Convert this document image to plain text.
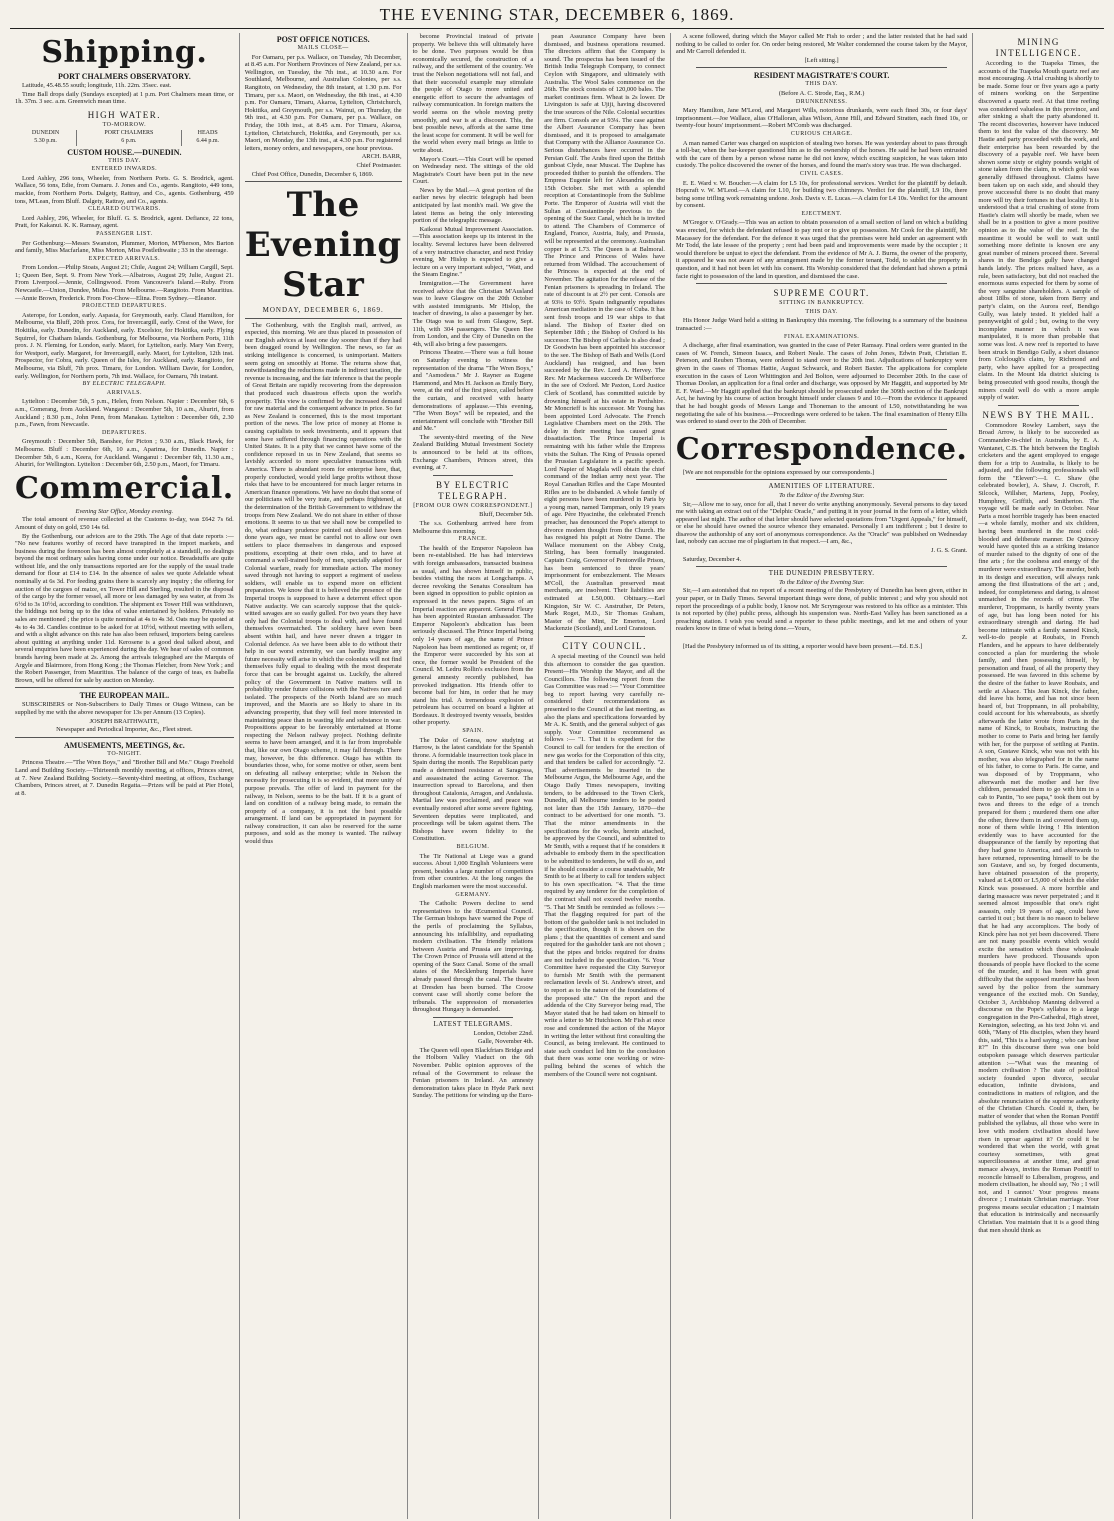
THE EVENING STAR, DECEMBER 6, 1869.
Shipping.
PORT CHALMERS OBSERVATORY.

Latitude, 45.48.55 south; longitude, 11h. 22m. 35sec. east.

Time Ball drops daily (Sundays excepted) at 1 p.m. Port Chalmers mean time, or 1h. 37m. 3 sec. a.m. Greenwich mean time.

HIGH WATER.
TO-MORROW.
DUNEDIN	PORT CHALMERS	HEADS
5.30 p.m.	6 p.m.	6.44 p.m.
CUSTOM HOUSE.—DUNEDIN.
THIS DAY.
ENTERED INWARDS.

Lord Ashley, 296 tons, Wheeler, from Northern Ports. G. S. Brodrick, agent. Wallace, 56 tons, Edie, from Oamaru. J. Jones and Co., agents. Rangitoto, 449 tons, mackie, from Northern Ports. Dalgety, Rattray, and Co., agents. Gothenburg, 459 tons, M'Lean, from Bluff. Dalgety, Rattray, and Co., agents.

CLEARED OUTWARDS.

Lord Ashley, 296, Wheeler, for Bluff. G. S. Brodrick, agent. Defiance, 22 tons, Pratt, for Kakanui. K. K. Ramsay, agent.

PASSENGER LIST.

Per Gothenburg:—Messrs Swanston, Plummer, Morton, M'Pherson, Mrs Barton and family, Miss Macfarlane, Miss Morton, Miss Postlethwaite ; 33 in the steerage.

EXPECTED ARRIVALS.

From London.—Philip Stoats, August 21; Chile, August 24; William Cargill, Sept. 1; Queen Bee, Sept. 9. From New York.—Albatross, August 29; Julie, August 21. From Liverpool.—Jennie, Collingwood. From Vancouver's Island.—Ruby. From Newcastle.—Union, Dundee, Midas. From Melbourne.—Rangitoto. From Mauritius.—Annie Brown, Frederick. From Foo-Chow—Elina. From Sydney.—Eleanor.

PROJECTED DEPARTURES.

Asterope, for London, early. Aspasia, for Greymouth, early. Claud Hamilton, for Melbourne, via Bluff, 20th prox. Cora, for Invercargill, early. Crest of the Wave, for Hokitika, early. Dunedin, for Auckland, early. Excelsior, for Hokitika, early. Flying Squirrel, for Chatham Islands. Gothenburg, for Melbourne, via Northern Ports, 11th prox. J. N. Fleming, for London, early. Maori, for Lyttelton, early. Mary Van Every, for Westport, early. Margaret, for Invercargill, early. Maori, for Lyttelton, 12th inst. Prospector, for Cobra, early. Queen of the Isles, for Auckland, early. Rangitoto, for Melbourne, via Bluff, 7th prox. Timaru, for London. William Davie, for London, early. Wellington, for Northern ports, 7th inst. Wallace, for Oamaru, 7th instant.

BY ELECTRIC TELEGRAPH.
ARRIVALS.

Lyttelton : December 5th, 5 p.m., Helen, from Nelson. Napier : December 6th, 6 a.m., Comerang, from Auckland. Wanganui : December 5th, 10 a.m., Ahuriri, from Auckland ; 8.30 p.m., John Penn, from Manakau. Lyttelton : December 6th, 2.30 p.m., Fawn, from Newcastle.

DEPARTURES.

Greymouth : December 5th, Banshee, for Picton ; 9.30 a.m., Black Hawk, for Melbourne. Bluff : December 6th, 10 a.m., Aparima, for Dunedin. Napier : December 5th, 6 a.m., Keera, for Auckland. Wanganui : December 6th, 11.30 a.m., Ahuriri, for Wellington. Lyttelton : December 6th, 2.50 p.m., Maori, for Timaru.

Commercial.

Evening Star Office, Monday evening.

The total amount of revenue collected at the Customs to-day, was £642 7s 6d. Amount of duty on gold, £50 14s 6d.

By the Gothenburg, our advices are to the 29th. The Age of that date reports :— "No new features worthy of record have transpired in the import markets, and business during the forenoon has been almost completely at a standstill, no dealings beyond the most ordinary sales having come under our notice. Breadstuffs are quite without life, and the only transactions reported are for the supply of the usual trade demand for flour at £14 to £14. In the absence of sales we quote Adelaide wheat nominally at 6s 3d. For feeding grains there is scarcely any inquiry ; the offering for auction of the cargoes of maize, ex Tower Hill and Sterling, resulted in the disposal of the cargo by the former vessel, all more or less damaged by sea water, at from 3s 6½d to 3s 10½d, according to condition. The shipment ex Tower Hill was withdrawn, the biddings not being up to the idea of value entertained by holders. Privately no sales are mentioned ; the price is quite nominal at 4s to 4s 3d. Oats may be quoted at 4s to 4s 3d. Candles continue to be asked for at 10½d, without meeting with sellers, and with a slight advance on this rate has also been refused, importers being careless about quitting at anything under 11d. Kerosene is a good deal talked about, and several enquiries have been experienced during the day. We hear of sales of common brands having been made at 2s. Among the arrivals telegraphed are the Marquis of Argyle and Blairmore, from Hong Kong ; the Thomas Fletcher, from New York ; and the Robert Passenger, from Mauritius. The balance of the cargo of teas, ex Isabella Brown, will be offered for sale by auction on Monday.

THE EUROPEAN MAIL.

SUBSCRIBERS or Non-Subscribers to Daily Times or Otago Witness, can be supplied by me with the above newspaper for 13s per Annum (13 Copies).

JOSEPH BRAITHWAITE,

Newspaper and Periodical Importer, &c., Fleet street.

AMUSEMENTS, MEETINGS, &c.
TO-NIGHT.

Princess Theatre.—"The Wren Boys," and "Brother Bill and Me." Otago Freehold Land and Building Society.—Thirteenth monthly meeting, at offices, Princes street, at 7. New Zealand Building Society.—Seventy-third meeting, at offices, Exchange Chambers, Princes street, at 7. Dunedin Regatta.—Prizes will be paid at Pier Hotel, at 8.

POST OFFICE NOTICES.
MAILS CLOSE—

For Oamaru, per p.s. Wallace, on Tuesday, 7th December, at 8.45 a.m. For Northern Provinces of New Zealand, per s.s. Wellington, on Tuesday, the 7th inst., at 10.30 a.m. For Southland, Melbourne, and Australian Colonies, per s.s. Rangitoto, on Wednesday, the 8th instant, at 1.30 p.m. For Timaru, per s.s. Maori, on Wednesday, the 8th inst., at 4.30 p.m. For Oamaru, Timaru, Akaroa, Lyttelton, Christchurch, Hokitika, and Greymouth, per s.s. Wainui, on Thursday, the 9th inst., at 4.30 p.m. For Oamaru, per p.s. Wallace, on Friday, the 10th inst., at 8.45 a.m. For Timaru, Akaroa, Lyttelton, Christchurch, Hokitika, and Greymouth, per s.s. Maori, on Monday, the 13th inst., at 4.30 p.m. For registered letters, money orders, and newspapers, one hour previous.

ARCH. BARR,

Chief Postmaster.

Chief Post Office, Dunedin, December 6, 1869.

The Evening Star
MONDAY, DECEMBER 6, 1869.

The Gothenburg, with the English mail, arrived, as expected, this morning. We are thus placed in possession of our English advices at least one day sooner than if they had been dragged round by Wellington. The news, so far as striking intelligence is concerned, is unimportant. Matters seem going on smoothly at Home. The returns show that, notwithstanding the reductions made in indirect taxation, the revenue is increasing, and the fair inference is that the people of Great Britain are rapidly recovering from the depression that produced such disastrous effects upon the world's prosperity. This view is confirmed by the increased demand for raw material and the consequent advance in price. So far as New Zealand is concerned, this is the most important portion of the news. The low price of money at Home is causing capitalists to seek investments, and it appears that some have suffered through financing operations with the United States. It is a pity that we cannot have some of the confidence reposed in us in New Zealand, that seems so lavishly accorded to more speculative transactions with America. There is abundant room for enterprise here, that, properly conducted, would yield large profits without those risks that have to be encountered for much larger returns in American finance operations. We have no doubt that some of our politicians will be very irate, and perhaps frightened, at the determination of the British Government to withdraw the troops from New Zealand. We do not share in either of those emotions. It seems to us that we shall now be compelled to do, what ordinary prudence pointed out should have been done years ago, we must be careful not to allow our own settlers to place themselves in dangerous and exposed positions, excepting at their own risks, and to have at command a well-trained body of men, specially adapted for Colonial warfare, ready for immediate action. The money saved through not having to support a regiment of useless soldiers, will enable us to expend more on efficient preparation. We know that it is believed the presence of the Imperial troops is supposed to have a deterrent effect upon Native audacity. We can scarcely suppose that the quick-witted savages are so easily gulled. For two years they have only had the Colonial troops to deal with, and have found themselves overmatched. The soldiery have even been absent within hail, and have never drawn a trigger in Colonial defence. As we have been able to do without their help in our worst extremity, we can hardly imagine any future necessity will arise in which the colonists will not find themselves fully equal to dealing with the most desperate force that can be brought against us. Luckily, the altered policy of the Government in Native matters will in probability render future collisions with the Natives rare and isolated. The prospects of the North Island are so much improved, and the Maoris are so likely to share in its advancing prosperity, that they will feel more interested in maintaining peace than in wasting life and substance in war. Propositions appear to be favorably entertained at Home respecting the Nelson railway project. Nothing definite seems to have been arranged, and it is far from improbable that, like our own Otago scheme, it may fall through. There may, however, be this difference. Otago has within its boundaries those, who, for some motive or other, seem bent on defeating all railway enterprise; while in Nelson the necessity for prosecuting it is so evident, that more unity of purpose prevails. The offer of land in payment for the railway, in Nelson, seems to be the bait. If it is a grant of land on condition of a railway being made, to remain the property of a company, it is not the best possible arrangement. If land can be appropriated in payment for railway construction, it can also be reserved for the same purposes, and sold as the money is wanted. The railway would thus

become Provincial instead of private property. We believe this will ultimately have to be done. Two purposes would be thus economically secured, the construction of a railway, and the settlement of the country. We trust the Nelson negotiations will not fail, and that their successful example may stimulate the people of Otago to more united and energetic effort to secure the advantages of railway communication. In foreign matters the world seems on the whole moving pretty smoothly, and war is at a discount. This, the best possible news, affords at the same time the least scope for comment. It will be well for the world when every mail brings as little to write about.

Mayor's Court.—This Court will be opened on Wednesday next. The sittings of the old Magistrate's Court have been put in the new Court.

News by the Mail.—A great portion of the earlier news by electric telegraph had been anticipated by last month's mail. We give the latest items as being the only interesting portion of the telegraphic message.

Kaikorai Mutual Improvement Association.—This association keeps up its interest in the locality. Several lectures have been delivered of a very instructive character, and next Friday evening, Mr Hislop is expected to give a lecture on a very important subject, "Watt, and the Steam Engine."

Immigration.—The Government have received advice that the Christian M'Ausland was to leave Glasgow on the 20th October with assisted immigrants. Mr Hislop, the teacher of drawing, is also a passenger by her. The Otago was to sail from Glasgow, Sept. 11th, with 304 passengers. The Queen Bee from London, and the City of Dunedin on the 4th, will also bring a few passengers.

Princess Theatre.—There was a full house on Saturday evening to witness the representation of the drama "The Wren Boys," and "Asmodeus." Mr J. Rayner as Eugene Hammond, and Mrs H. Jackson as Emily Bury, were, at the end of the first piece, called before the curtain, and received with hearty demonstrations of applause.—This evening, "The Wren Boys" will be repeated, and the entertainment will conclude with "Brother Bill and Me."

The seventy-third meeting of the New Zealand Building Mutual Investment Society is announced to be held at its offices, Exchange Chambers, Princes street, this evening, at 7.

BY ELECTRIC TELEGRAPH.
[FROM OUR OWN CORRESPONDENT.]

Bluff, December 5th.

The s.s. Gothenburg arrived here from Melbourne this morning.

FRANCE.

The health of the Emperor Napoleon has been re-established. He has had interviews with foreign ambassadors, transacted business as usual, and has shown himself in public, besides visiting the races at Longchamps. A decree revoking the Senatus Consultum has been signed in opposition to public opinion as expressed in the news papers. Signs of an Imperial reaction are apparent. General Fleury has been appointed Russian ambassador. The Emperor Napoleon's abdication has been seriously discussed. The Prince Imperial being only 14 years of age, the name of Prince Napoleon has been mentioned as regent; or, if the Emperor were succeeded by his son at once, the former would be President of the Council. M. Ledru Rollin's exclusion from the general amnesty recently published, has provoked indignation. His friends offer to become bail for him, in order that he may stand his trial. A tremendous explosion of petroleum has occurred on board a lighter at Bordeaux. It destroyed twenty vessels, besides other property.

SPAIN.

The Duke of Genoa, now studying at Harrow, is the latest candidate for the Spanish throne. A formidable insurrection took place in Spain during the month. The Republican party made a determined resistance at Saragossa, and assassinated the acting Governor. The insurrection spread to Barcelona, and then throughout Catalonia, Arragon, and Andalusia. Martial law was proclaimed, and peace was eventually restored after some severe fighting. Seventeen deputies were implicated, and proceedings will be taken against them. The Bishops have sworn fidelity to the Constitution.

BELGIUM.

The Tir National at Liege was a grand success. About 1,000 English Volunteers were present, besides a large number of competitors from other countries. At the long ranges the English marksmen were the most successful.

GERMANY.

The Catholic Powers decline to send representatives to the Œcumenical Council. The German bishops have warned the Pope of the perils of proclaiming the Syllabus, announcing his infallibility, and repudiating modern civilisation. The friendly relations between Austria and Prussia are improving. The Crown Prince of Prussia will attend at the opening of the Suez Canal. Some of the small states of the Mecklenburg Imperials have already passed through the canal. The theatre at Dresden has been burned. The Croow convent case will shortly come before the tribunals. The suppression of monasteries throughout Hungary is demanded.

LATEST TELEGRAMS.

London, October 22nd.

Galle, November 4th.

The Queen will open Blackfriars Bridge and the Holborn Valley Viaduct on the 6th November. Public opinion approves of the refusal of the Government to release the Fenian prisoners in Ireland. An amnesty demonstration takes place in Hyde Park next Sunday. The petitions for winding up the Euro-

pean Assurance Company have been dismissed, and business operations resumed. The directors affirm that the Company is sound. The prospectus has been issued of the British India Telegraph Company, to connect Ceylon with Singapore, and ultimately with Australia. The Wool Sales commence on the 26th. The stock consists of 120,000 bales. The market continues firm. Wheat is 2s lower. Dr Livingston is safe at Ujiji, having discovered the true sources of the Nile. Colonial securities are firm. Consols are at 93¼. The case against the Albert Assurance Company has been dismissed, and it is proposed to amalgamate that Company with the Alliance Assurance Co. Serious disturbances have occurred in the Persian Gulf. The Arabs fired upon the British gunboat Clyde, near Muscat. The Daphne has proceeded thither to punish the offenders. The Empress Eugenie left for Alexandria on the 15th October. She met with a splendid reception at Constantinople from the Sublime Porte. The Emperor of Austria will visit the Sultan at Constantinople previous to the opening of the Suez Canal, which he is invited to attend. The Chambers of Commerce of England, France, Austria, Italy, and Prussia, will be represented at the ceremony. Australian copper is at L73. The Queen is at Balmoral. The Prince and Princess of Wales have returned from Wildbad. The accouchement of the Princess is expected at the end of November. The agitation for the release of the Fenian prisoners is spreading in Ireland. The rate of discount is at 2½ per cent. Consols are at 93¼ to 93½. Spain indignantly repudiates American mediation in the case of Cuba. It has sent fresh troops and 19 war ships to that island. The Bishop of Exeter died on September 18th ; the Bishop of Oxford is his successor. The Bishop of Carlisle is also dead ; Dr Goodwin has been appointed his successor to the see. The Bishop of Bath and Wells (Lord Auckland) has resigned, and has been succeeded by the Rev. Lord A. Hervey. The Rev. Mr Mackerness succeeds Dr Wilberforce in the see of Oxford. Mr Paxton, Lord Justice Clerk of Scotland, has committed suicide by drowning himself at his estate in Perthshire. Mr Moncrieff is his successor. Mr Young has been appointed Lord Advocate. The French Legislative Chambers meet on the 29th. The delay in their meeting has caused great dissatisfaction. The Prince Imperial is remaining with his father while the Empress visits the Sultan. The King of Prussia opened the Prussian Legislature in a pacific speech. Lord Napier of Magdala will obtain the chief command of the Indian army next year. The Royal Canadian Rifles and the Cape Mounted Rifles are to be disbanded. A whole family of eight persons have been murdered in Paris by a young man, named Tampman, only 19 years of age. Père Hyacinthe, the celebrated French preacher, has denounced the Pope's attempt to divorce modern thought from the Church. He has resigned his pulpit at Notre Dame. The Wallace monument on the Abbey Craig, Stirling, has been formally inaugurated. Captain Craig, Governor of Pentonville Prison, has been sentenced to three years' imprisonment for embezzlement. The Messrs M'Coll, the Australian preserved meat merchants, are insolvent. Their liabilities are estimated at L50,000. Obituary.—Earl Kingston, Sir W. C. Anstruther, Dr Peters, Mark Roget, M.D., Sir Thomas Graham, Master of the Mint, Dr Emerton, Lord Mackenzie (Scotland), and Lord Cranstoun.

CITY COUNCIL.

A special meeting of the Council was held this afternoon to consider the gas question. Present—His Worship the Mayor, and all the Councillors. The following report from the Gas Committee was read :— "Your Committee beg to report having very carefully re-considered their recommendations as presented to the Council at the last meeting, as also the plans and specifications forwarded by Mr A. K. Smith, and the general subject of gas supply. Your Committee recommend as follows :— "1. That it is expedient for the Council to call for tenders for the erection of new gas works for the Corporation of this city, and that tenders be called for accordingly. "2. That advertisements be inserted in the Melbourne Argus, the Melbourne Age, and the Otago Daily Times newspapers, inviting tenders, to be addressed to the Town Clerk, Dunedin, all Melbourne tenders to be posted not later than the 15th January, 1870—the contract to be advertised for one month. "3. That the minor amendments in the specifications for the works, herein attached, be approved by the Council, and submitted to Mr Smith, with a request that if he considers it advisable to embody them in the specification to be submitted to tenderers, he will do so, and if he should consider a course unadvisable, Mr Smith to be at liberty to call for tenders subject to his own specification. "4. That the time required by any tenderer for the completion of the contract shall not exceed twelve months. "5. That Mr Smith be reminded as follows :—That the flagging required for part of the bottom of the gasholder tank is not included in the specification, though it is shown on the plans ; that the quantities of cement and sand required for the gasholder tank are not shown ; that the pipes and bricks required for drains are not included in the specification. "6. Your Committee have requested the City Surveyor to furnish Mr Smith with the permanent reclamation levels of St. Andrew's street, and to report as to the nature of the foundations of the proposed site." On the report and the addenda of the City Surveyor being read, The Mayor stated that he had taken on himself to write a letter to Mr Hutchison. Mr Fish at once rose and condemned the action of the Mayor in writing the letter without first consulting the Council, as being irrelevant. He continued to state such conduct led him to the conclusion that there was some one working or wire-pulling behind the scenes of which the members of the Council were not cognisant.

A scene followed, during which the Mayor called Mr Fish to order ; and the latter resisted that he had said nothing to be called to order for. On order being restored, Mr Walter condemned the course taken by the Mayor, and Mr Carroll defended it.

[Left sitting.]

RESIDENT MAGISTRATE'S COURT.
THIS DAY.

(Before A. C. Strode, Esq., R.M.)

DRUNKENNESS.

Mary Hamilton, Jane M'Leod, and Margaret Wills, notorious drunkards, were each fined 30s, or four days' imprisonment.—Joe Wallace, alias O'Halloran, alias Wilson, Anne Hill, and Edward Stratten, each fined 10s, or twenty-four hours' imprisonment.—Robert M'Comb was discharged.

CURIOUS CHARGE.

A man named Carter was charged on suspicion of stealing two horses. He was yesterday about to pass through a toll-bar, when the bar-keeper questioned him as to the ownership of the horses. He said he had been entrusted with the care of them by a person whose name he did not know, which exciting suspicion, he was taken into custody. The police discovered the owner of the horses, and found the man's story was true. He was discharged.

CIVIL CASES.

E. E. Ward v. W. Boucher.—A claim for L5 10s, for professional services. Verdict for the plaintiff by default. Hopcraft v. W. M'Leod.—A claim for L10, for building two chimneys. Verdict for the plaintiff, L9 10s, there being some trifling work remaining undone. Josh. Davis v. E. Lucas.—A claim for L4 10s. Verdict for the amount by consent.

EJECTMENT.

M'Gregor v. O'Grady.—This was an action to obtain possession of a small section of land on which a building was erected, for which the defendant refused to pay rent or to give up possession. Mr Cook for the plaintiff, Mr Macassey for the defendant. For the defence it was urged that the premises were held under an agreement with Mr Todd, the late lessee of the property ; rent had been paid and improvements were made by the occupier ; it would therefore be unjust to eject the defendant. From the evidence of Mr A. J. Burns, the owner of the property, it appeared he was not aware of any arrangement made by the former tenant, Todd, to sublet the property in question, and it had not been let with his consent. His Worship considered that the defendant had shown a primâ facie right to possession of the land in question, and dismissed the case.

SUPREME COURT.
SITTING IN BANKRUPTCY.
THIS DAY.

His Honor Judge Ward held a sitting in Bankruptcy this morning. The following is a summary of the business transacted :—

FINAL EXAMINATIONS.

A discharge, after final examination, was granted in the case of Peter Ramsay. Final orders were granted in the cases of W. French, Simeon Isaacs, and Robert Neale. The cases of John Jones, Edwin Pratt, Christian E. Peterson, and Reuben Thomas, were ordered to stand over to the 20th inst. Adjudications of bankruptcy were given in the cases of Thomas Hattie, August Schwarck, and Robert Baxter. The applications for complete execution in the cases of Leon Whittington and Jed Bolton, were adjourned to December 20th. In the case of Thomas Doolan, an application for a final order and discharge, was opposed by Mr Haggitt, and supported by Mr E. F. Ward.—Mr Haggitt applied that the bankrupt should be prosecuted under the 309th section of the Bankrupt Act, he having by his course of action brought himself under clauses 9 and 10.—From the evidence it appeared that he had bought goods of Messrs Lange and Thoneman to the amount of L50, notwithstanding he was negotiating the sale of his business.—Proceedings were ordered to be taken. The final examination of Henry Ellis was ordered to stand over to the 20th of December.

Correspondence.

[We are not responsible for the opinions expressed by our correspondents.]

AMENITIES OF LITERATURE.

To the Editor of the Evening Star.

Sir,—Allow me to say, once for all, that I never do write anything anonymously. Several persons to day taxed me with taking an extract out of the "Delphic Oracle," and putting it in your journal in the form of a letter, which appeared last night. The author of that letter should have selected quotations from "Urgent Appeals," for himself, or else he should have owned the source whence they emanated. Personally I am indifferent ; but I desire to disavow the authorship of any sort of anonymous correspondence. As the "Oracle" was published on Wednesday last, nobody can accuse me of plagiarism in that respect.—I am, &c.,

J. G. S. Grant.

Saturday, December 4.

THE DUNEDIN PRESBYTERY.

To the Editor of the Evening Star.

Sir,—I am astonished that no report of a recent meeting of the Presbytery of Dunedin has been given, either in your paper, or in Daily Times. Several important things were done, of public interest ; and why you should not report the proceedings of a public body, I know not. Mr Scrymgeour was restored to his office as a minister. This is not reported by (the) public press, although his suspension was. North-East Valley has been sanctioned as a preaching station. I wish you would send a reporter to these public meetings, and let me and others of your readers know in time of what is being done.—Yours,

Z.

[Had the Presbytery informed us of its sitting, a reporter would have been present.—Ed. E.S.]

MINING INTELLIGENCE.

According to the Tuapeka Times, the accounts of the Tuapeka Mouth quartz reef are most encouraging. A trial crushing is shortly to be made. Some four or five years ago a party of miners working on the Serpentine discovered a quartz reef. At that time reefing was considered valueless in this province, and after sinking a shaft the party abandoned it. The recent discoveries, however have induced them to test the value of the discovery. Mr Hastie and party proceeded with the work, and their enterprise has been rewarded by the discovery of a payable reef. We have been shown some sixty or eighty pounds weight of stone taken from the claim, in which gold was generally diffused throughout. Claims have been taken up on each side, and should they prove successful there is no doubt that many more will try their fortunes in that locality. It is understood that a trial crushing of stone from Hastie's claim will shortly be made, when we shall be in a position to give a more positive opinion as to the value of the reef. In the meantime it would be well to wait until something more definite is known ere any great number of miners proceed there. Several shares in the Bendigo gully have changed hands lately. The prices realised have, as a rule, been satisfactory, but did not reached the enormous sums expected for them by some of the very sanguine shareholders. A sample of about 18lbs of stone, taken from Berry and party's claim, on the Aurora reef, Bendigo Gully, was lately tested. It yielded half a pennyweight of gold ; but, owing to the very incomplete manner in which it was manipulated, it is more than probable that some was lost. A new reef is reported to have been struck in Bendigo Gully, a short distance from Colclough's claim, by Richmond and party, who have applied for a prospecting claim. In the Mount Ida district sluicing is being prosecuted with good results, though the miners could well do with a more ample supply of water.

NEWS BY THE MAIL.

Commodore Rowley Lambert, says the Broad Arrow, is likely to be succeeded as Commander-in-chief in Australia, by E. A. Wantanet, C.B. The hitch between the English cricketers and the agent employed to engage them for a trip to Australia, is likely to be adjusted, and the following professionals will form the "Eleven":—I. C. Shaw (the celebrated bowler), A. Shaw, J. Oscroft, F. Silcock, Willsher, Martens, Jupp, Pooley, Humphrey, Griffith, and Smitherton. The voyage will be made early in October. Near Paris a most horrible tragedy has been enacted—a whole family, mother and six children, having been murdered in the most cold-blooded and deliberate manner. De Quincey would have quoted this as a striking instance of murder raised to the dignity of one of the fine arts ; for the coolness and energy of the murderer were extraordinary. The murder, both in its design and execution, will always rank among the first illustrations of the art ; and, indeed, for completeness and daring, is almost unmatched in the records of crime. The murderer, Troppmann, is hardly twenty years of age, but has long been noted for his extraordinary strength and daring. He had become intimate with a family named Kinck, well-to-do people at Roubaix, in French Flanders, and he appears to have deliberately concocted a plan for murdering the whole family, and then possessing himself, by personation and fraud, of all the property they possessed. He was favored in this scheme by the desire of the father to leave Roubaix, and settle at Alsace. This Jean Kinck, the father, did leave his home, and has not since been heard of, but Troppmann, in all probability, could account for his whereabouts, as shortly afterwards the latter wrote from Paris in the name of Kinck, to Roubaix, instructing the mother to come to Paris and bring her family with her, for the purpose of settling at Pantin. A son, Gustave Kinck, who was not with his mother, was also telegraphed for in the name of his father, to come to Paris. He came, and was disposed of by Troppmann, who afterwards met the mother and her five children, persuaded them to go with him in a cab to Pantin, "to see papa," took them out by twos and threes to the edge of a trench prepared for them ; murdered them one after the other, threw them in and covered them up, none of them while living ! His intention evidently was to have accounted for the disappearance of the family by reporting that they had gone to America, and afterwards to have returned, representing himself to be the son Gustave, and so, by forged documents, have obtained possession of the property, valued at L4,000 or L5,000 of which the elder Kinck was possessed. A more horrible and daring massacre was never perpetrated ; and it seemed almost impossible that one's right assassin, only 19 years of age, could have carried it out ; but there is no reason to believe that he had any accomplices. The body of Kinck père has not yet been discovered. There are not many possible events which would excite the sensation which these wholesale murders have produced. Thousands upon thousands of people have flocked to the scene of the murder, and it has been with great difficulty that the supposed murderer has been saved by the police from the summary vengeance of the excited mob. On Sunday, October 3, Archbishop Manning delivered a discourse on the Pope's syllabus to a large congregation in the Pro-Cathedral, High street, Kensington, selecting, as his text John vi. and 60th, "Many of His disciples, when they heard this, said, 'This is a hard saying ; who can hear it?'" In this discourse there was one bold outspoken passage which deserves particular attention :—"What was the meaning of modern civilisation ? The state of political society founded upon divorce, secular education, infinite divisions, and contradictions in matters of religion, and the absolute renunciation of the supreme authority of the Christian Church. Could it, then, be matter of wonder that when the Roman Pontiff published the syllabus, all those who were in love with modern civilisation should have risen in uproar against it? Or could it be wondered that when the world, with great courtesy sometimes, with great superciliousness at another time, and great menace always, invites the Roman Pontiff to reconcile himself to Liberalism, progress, and modern civilisation, he should say, 'No ; I will not, and I cannot.' Your progress means divorce ; I maintain Christian marriage. Your progress means secular education ; I maintain that education is intrinsically and necessarily Christian. You maintain that it is a good thing that men should think as
